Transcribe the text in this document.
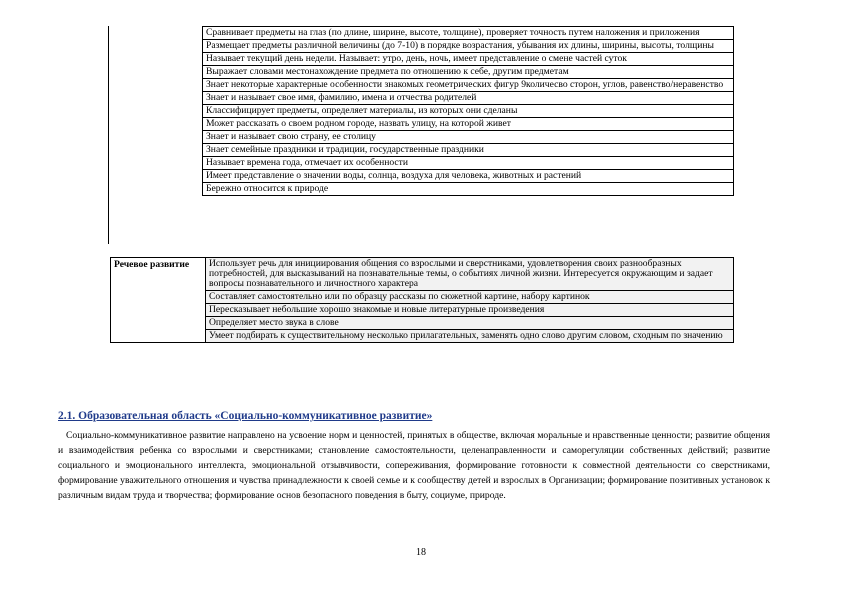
Сравнивает предметы на глаз (по длине, ширине, высоте, толщине), проверяет точность путем наложения и приложения
Размещает предметы различной величины (до 7-10) в порядке возрастания, убывания их длины, ширины, высоты, толщины
Называет текущий день недели. Называет: утро, день, ночь, имеет представление о смене частей суток
Выражает словами местонахождение предмета по отношению к себе, другим предметам
Знает некоторые характерные особенности знакомых геометрических фигур 9количесво сторон, углов, равенство/неравенство
Знает и называет свое имя, фамилию, имена и отчества родителей
Классифицирует предметы, определяет материалы, из которых они сделаны
Может рассказать о своем родном городе, назвать улицу, на которой живет
Знает и называет свою страну, ее столицу
Знает семейные праздники и традиции, государственные праздники
Называет времена года, отмечает их особенности
Имеет представление о значении воды, солнца, воздуха для человека, животных и растений
Бережно относится к природе
Речевое развитие	Использует речь для инициирования общения со взрослыми и сверстниками, удовлетворения своих разнообразных потребностей, для высказываний на познавательные темы, о событиях личной жизни. Интересуется окружающим и задает вопросы познавательного и личностного характера
Составляет самостоятельно или по образцу рассказы по сюжетной картине, набору картинок
Пересказывает небольшие хорошо знакомые и новые литературные произведения
Определяет место звука в слове
Умеет подбирать к существительному несколько прилагательных, заменять одно слово другим словом, сходным по значению
2.1. Образовательная область «Социально-коммуникативное развитие»

Социально-коммуникативное развитие направлено на усвоение норм и ценностей, принятых в обществе, включая моральные и нравственные ценности; развитие общения и взаимодействия ребенка со взрослыми и сверстниками; становление самостоятельности, целенаправленности и саморегуляции собственных действий; развитие социального и эмоционального интеллекта, эмоциональной отзывчивости, сопереживания, формирование готовности к совместной деятельности со сверстниками, формирование уважительного отношения и чувства принадлежности к своей семье и к сообществу детей и взрослых в Организации; формирование позитивных установок к различным видам труда и творчества; формирование основ безопасного поведения в быту, социуме, природе.

18
